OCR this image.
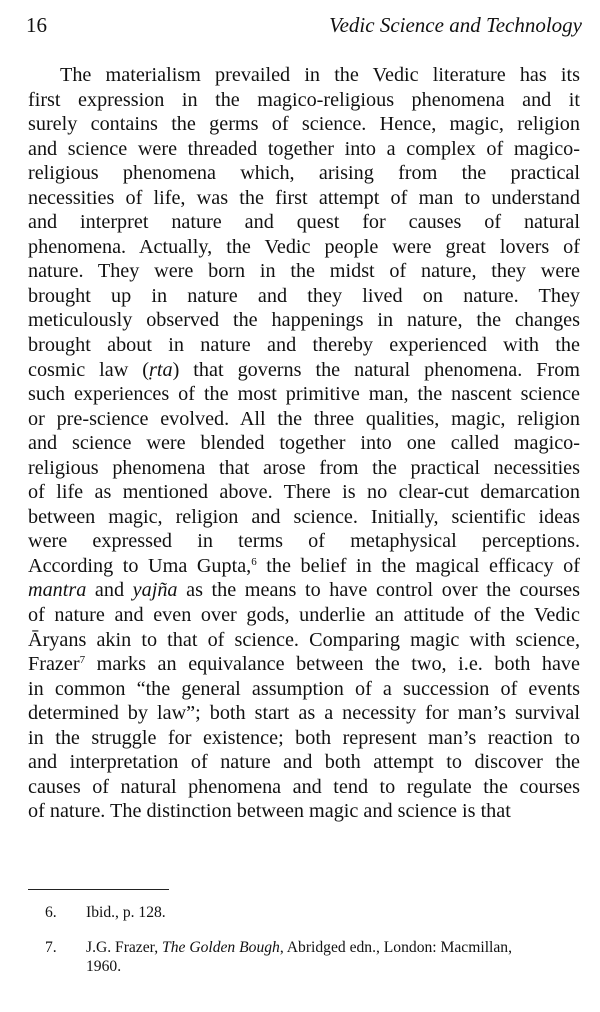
16	Vedic Science and Technology
The materialism prevailed in the Vedic literature has its
first expression in the magico-religious phenomena and it
surely contains the germs of science. Hence, magic, religion
and science were threaded together into a complex of magico-
religious phenomena which, arising from the practical
necessities of life, was the first attempt of man to understand
and interpret nature and quest for causes of natural
phenomena. Actually, the Vedic people were great lovers of
nature. They were born in the midst of nature, they were
brought up in nature and they lived on nature. They
meticulously observed the happenings in nature, the changes
brought about in nature and thereby experienced with the
cosmic law (ṛta) that governs the natural phenomena. From
such experiences of the most primitive man, the nascent science
or pre-science evolved. All the three qualities, magic, religion
and science were blended together into one called magico-
religious phenomena that arose from the practical necessities
of life as mentioned above. There is no clear-cut demarcation
between magic, religion and science. Initially, scientific ideas
were expressed in terms of metaphysical perceptions.
According to Uma Gupta,$^6$ the belief in the magical efficacy of
mantra and yajña as the means to have control over the courses
of nature and even over gods, underlie an attitude of the Vedic
Āryans akin to that of science. Comparing magic with science,
Frazer$^7$ marks an equivalance between the two, i.e. both have
in common “the general assumption of a succession of events
determined by law”; both start as a necessity for man’s survival
in the struggle for existence; both represent man’s reaction to
and interpretation of nature and both attempt to discover the
causes of natural phenomena and tend to regulate the courses
of nature. The distinction between magic and science is that
6. Ibid., p. 128.
7. J.G. Frazer, The Golden Bough, Abridged edn., London: Macmillan,
1960.
